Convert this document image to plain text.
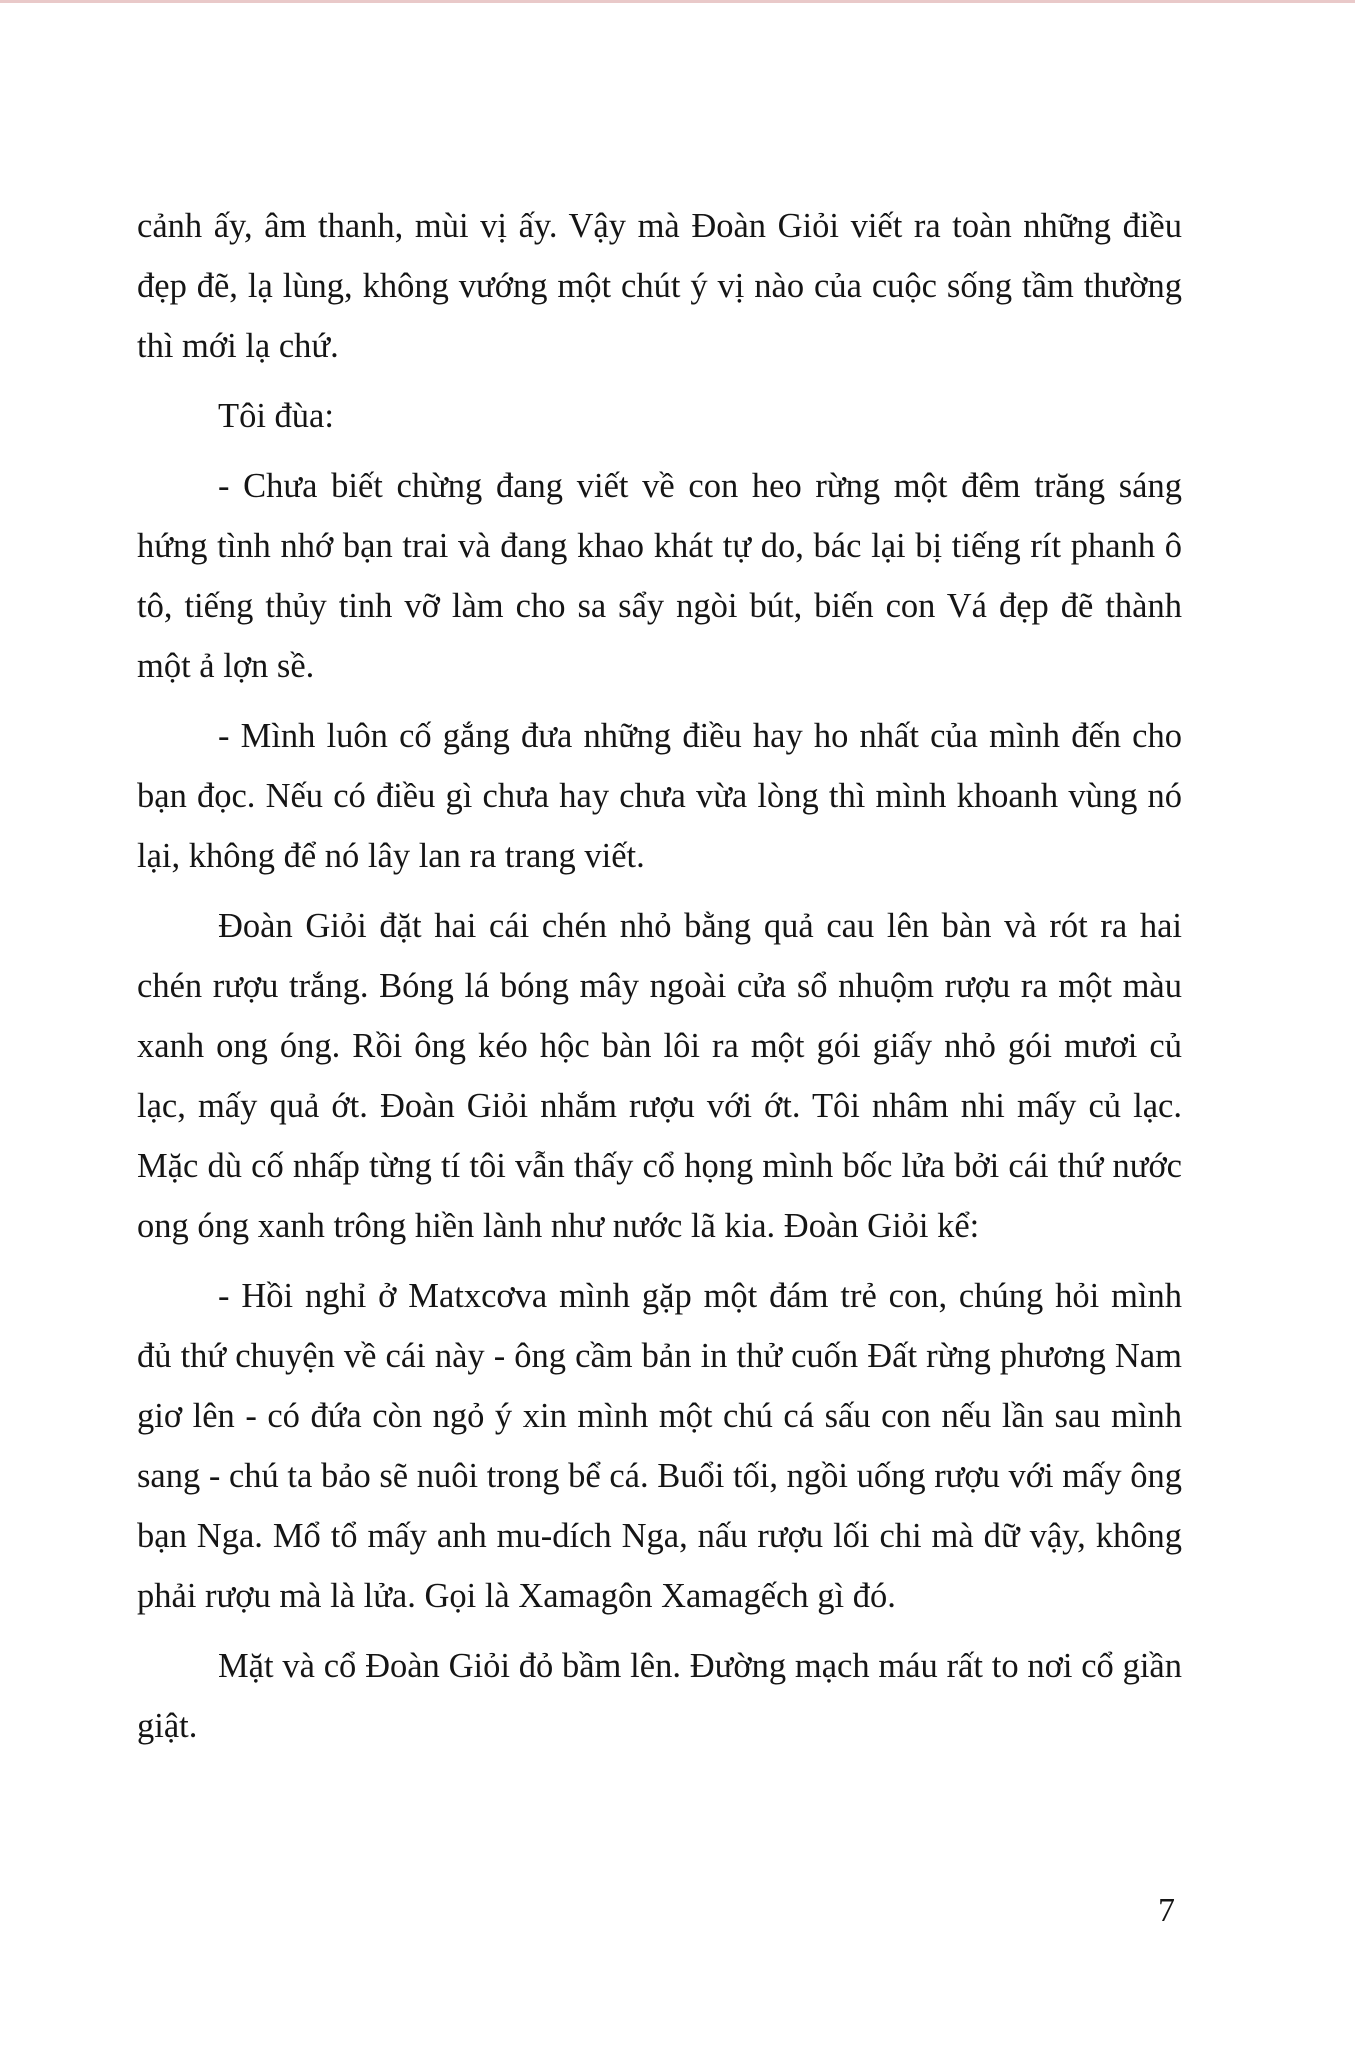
cảnh ấy, âm thanh, mùi vị ấy. Vậy mà Đoàn Giỏi viết ra toàn những điều đẹp đẽ, lạ lùng, không vướng một chút ý vị nào của cuộc sống tầm thường thì mới lạ chứ.

Tôi đùa:

- Chưa biết chừng đang viết về con heo rừng một đêm trăng sáng hứng tình nhớ bạn trai và đang khao khát tự do, bác lại bị tiếng rít phanh ô tô, tiếng thủy tinh vỡ làm cho sa sẩy ngòi bút, biến con Vá đẹp đẽ thành một ả lợn sề.

- Mình luôn cố gắng đưa những điều hay ho nhất của mình đến cho bạn đọc. Nếu có điều gì chưa hay chưa vừa lòng thì mình khoanh vùng nó lại, không để nó lây lan ra trang viết.

Đoàn Giỏi đặt hai cái chén nhỏ bằng quả cau lên bàn và rót ra hai chén rượu trắng. Bóng lá bóng mây ngoài cửa sổ nhuộm rượu ra một màu xanh ong óng. Rồi ông kéo hộc bàn lôi ra một gói giấy nhỏ gói mươi củ lạc, mấy quả ớt. Đoàn Giỏi nhắm rượu với ớt. Tôi nhâm nhi mấy củ lạc. Mặc dù cố nhấp từng tí tôi vẫn thấy cổ họng mình bốc lửa bởi cái thứ nước ong óng xanh trông hiền lành như nước lã kia. Đoàn Giỏi kể:

- Hồi nghỉ ở Matxcơva mình gặp một đám trẻ con, chúng hỏi mình đủ thứ chuyện về cái này - ông cầm bản in thử cuốn Đất rừng phương Nam giơ lên - có đứa còn ngỏ ý xin mình một chú cá sấu con nếu lần sau mình sang - chú ta bảo sẽ nuôi trong bể cá. Buổi tối, ngồi uống rượu với mấy ông bạn Nga. Mổ tổ mấy anh mu-dích Nga, nấu rượu lối chi mà dữ vậy, không phải rượu mà là lửa. Gọi là Xamagôn Xamagếch gì đó.

Mặt và cổ Đoàn Giỏi đỏ bầm lên. Đường mạch máu rất to nơi cổ giần giật.

7
